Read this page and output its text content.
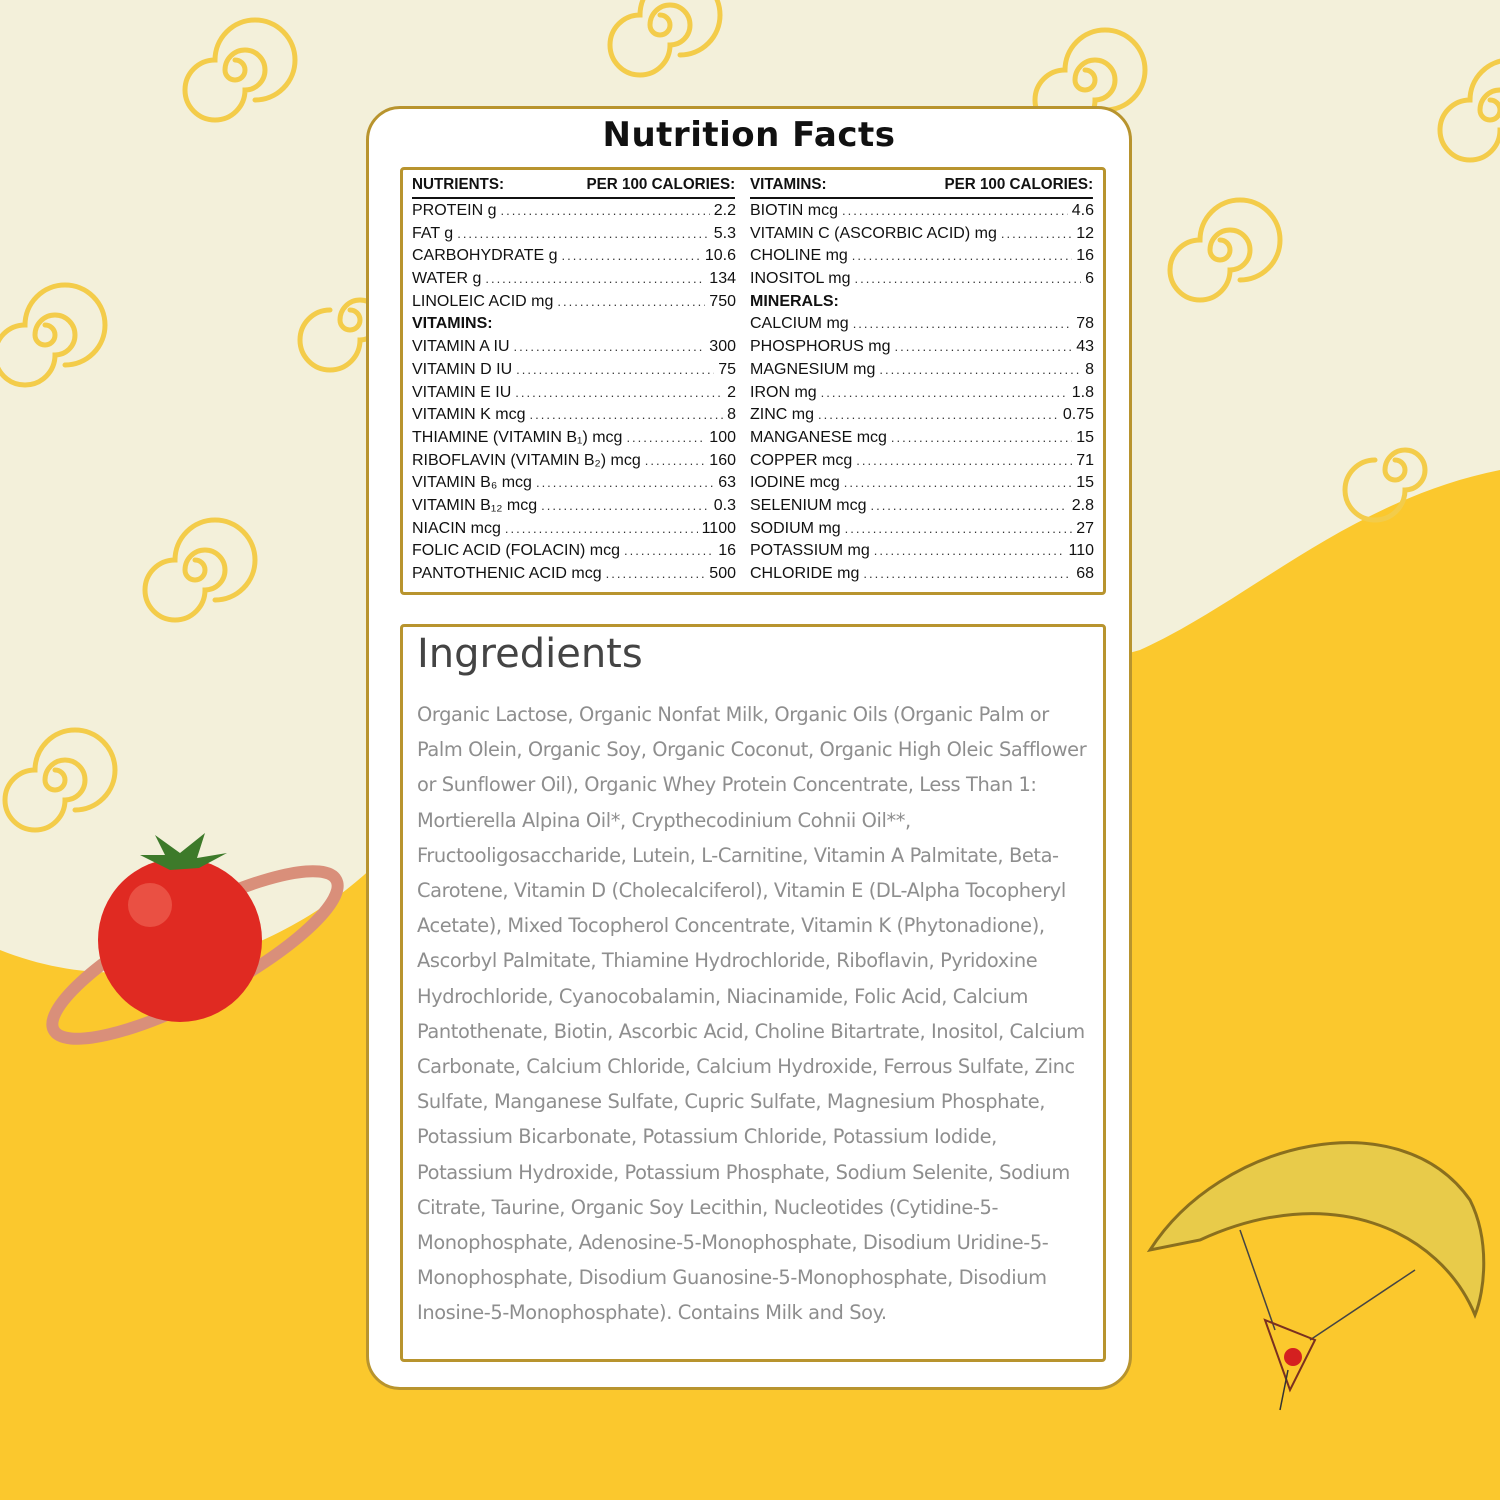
Nutrition Facts
NUTRIENTS:	PER 100 CALORIES:
PROTEIN g .....	2.2
FAT g .....	5.3
CARBOHYDRATE g .....	10.6
WATER g .....	134
LINOLEIC ACID mg .....	750
VITAMINS:
VITAMIN A IU .....	300
VITAMIN D IU .....	75
VITAMIN E IU .....	2
VITAMIN K mcg .....	8
THIAMINE (VITAMIN B₁) mcg .....	100
RIBOFLAVIN (VITAMIN B₂) mcg .....	160
VITAMIN B₆ mcg .....	63
VITAMIN B₁₂ mcg .....	0.3
NIACIN mcg .....	1100
FOLIC ACID (FOLACIN) mcg .....	16
PANTOTHENIC ACID mcg .....	500
VITAMINS:	PER 100 CALORIES:
BIOTIN mcg .....	4.6
VITAMIN C (ASCORBIC ACID) mg .....	12
CHOLINE mg .....	16
INOSITOL mg .....	6
MINERALS:
CALCIUM mg .....	78
PHOSPHORUS mg .....	43
MAGNESIUM mg .....	8
IRON mg .....	1.8
ZINC mg .....	0.75
MANGANESE mcg .....	15
COPPER mcg .....	71
IODINE mcg .....	15
SELENIUM mcg .....	2.8
SODIUM mg .....	27
POTASSIUM mg .....	110
CHLORIDE mg .....	68
Ingredients
Organic Lactose, Organic Nonfat Milk, Organic Oils (Organic Palm or Palm Olein, Organic Soy, Organic Coconut, Organic High Oleic Safflower or Sunflower Oil), Organic Whey Protein Concentrate, Less Than 1: Mortierella Alpina Oil*, Crypthecodinium Cohnii Oil**, Fructooligosaccharide, Lutein, L-Carnitine, Vitamin A Palmitate, Beta-Carotene, Vitamin D (Cholecalciferol), Vitamin E (DL-Alpha Tocopheryl Acetate), Mixed Tocopherol Concentrate, Vitamin K (Phytonadione), Ascorbyl Palmitate, Thiamine Hydrochloride, Riboflavin, Pyridoxine Hydrochloride, Cyanocobalamin, Niacinamide, Folic Acid, Calcium Pantothenate, Biotin, Ascorbic Acid, Choline Bitartrate, Inositol, Calcium Carbonate, Calcium Chloride, Calcium Hydroxide, Ferrous Sulfate, Zinc Sulfate, Manganese Sulfate, Cupric Sulfate, Magnesium Phosphate, Potassium Bicarbonate, Potassium Chloride, Potassium Iodide, Potassium Hydroxide, Potassium Phosphate, Sodium Selenite, Sodium Citrate, Taurine, Organic Soy Lecithin, Nucleotides (Cytidine-5-Monophosphate, Adenosine-5-Monophosphate, Disodium Uridine-5-Monophosphate, Disodium Guanosine-5-Monophosphate, Disodium Inosine-5-Monophosphate). Contains Milk and Soy.
